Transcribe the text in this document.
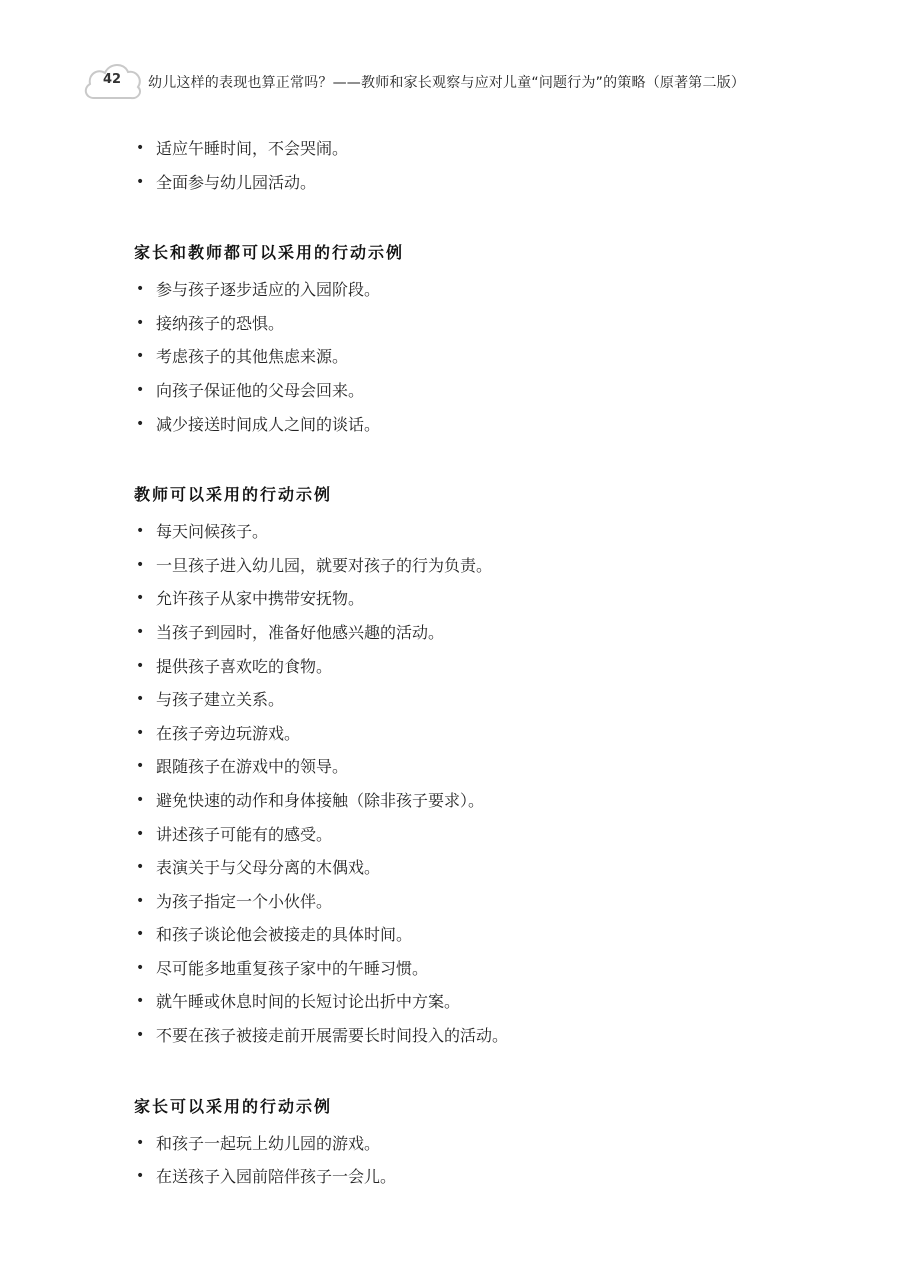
42	幼儿这样的表现也算正常吗？——教师和家长观察与应对儿童“问题行为”的策略（原著第二版）
• 适应午睡时间，不会哭闹。
• 全面参与幼儿园活动。
家长和教师都可以采用的行动示例
• 参与孩子逐步适应的入园阶段。
• 接纳孩子的恐惧。
• 考虑孩子的其他焦虑来源。
• 向孩子保证他的父母会回来。
• 减少接送时间成人之间的谈话。
教师可以采用的行动示例
• 每天问候孩子。
• 一旦孩子进入幼儿园，就要对孩子的行为负责。
• 允许孩子从家中携带安抚物。
• 当孩子到园时，准备好他感兴趣的活动。
• 提供孩子喜欢吃的食物。
• 与孩子建立关系。
• 在孩子旁边玩游戏。
• 跟随孩子在游戏中的领导。
• 避免快速的动作和身体接触（除非孩子要求）。
• 讲述孩子可能有的感受。
• 表演关于与父母分离的木偶戏。
• 为孩子指定一个小伙伴。
• 和孩子谈论他会被接走的具体时间。
• 尽可能多地重复孩子家中的午睡习惯。
• 就午睡或休息时间的长短讨论出折中方案。
• 不要在孩子被接走前开展需要长时间投入的活动。
家长可以采用的行动示例
• 和孩子一起玩上幼儿园的游戏。
• 在送孩子入园前陪伴孩子一会儿。
